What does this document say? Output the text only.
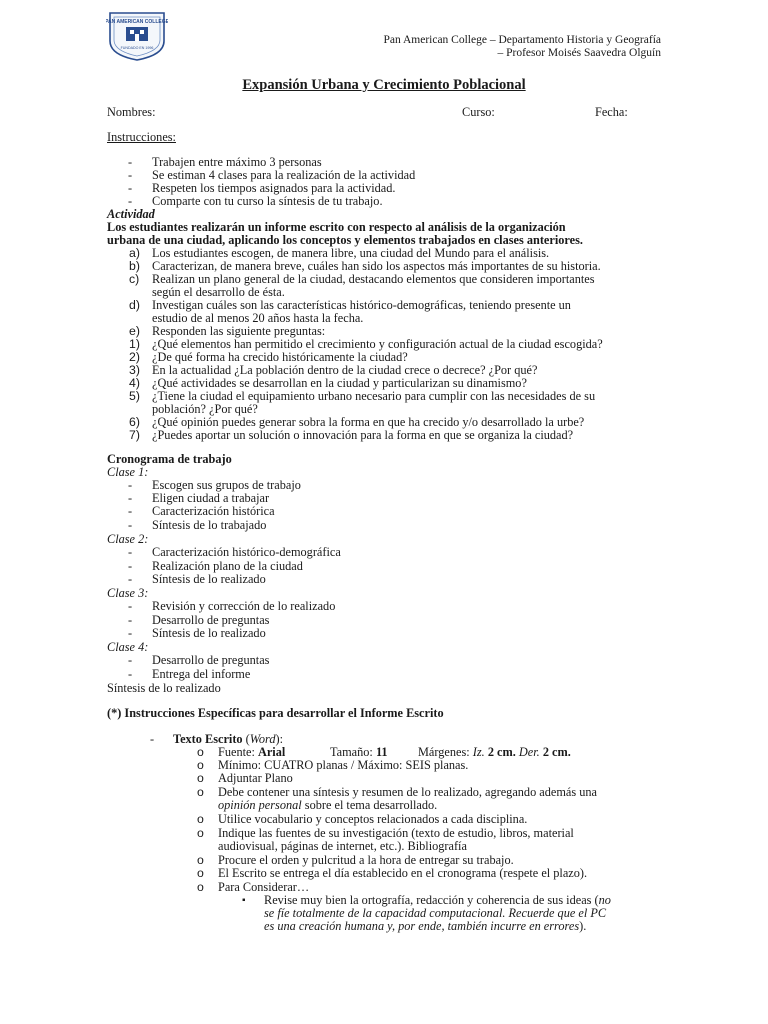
PAN AMERICAN COLLEGE
FUNDADO EN 1996
Pan American College – Departamento Historia y Geografía
– Profesor Moisés Saavedra Olguín
Expansión Urbana y Crecimiento Poblacional
Nombres:	Curso:	Fecha:
Instrucciones:
- Trabajen entre máximo 3 personas
- Se estiman 4 clases para la realización de la actividad
- Respeten los tiempos asignados para la actividad.
- Comparte con tu curso la síntesis de tu trabajo.
Actividad
Los estudiantes realizarán un informe escrito con respecto al análisis de la organización
urbana de una ciudad, aplicando los conceptos y elementos trabajados en clases anteriores.
a) Los estudiantes escogen, de manera libre, una ciudad del Mundo para el análisis.
b) Caracterizan, de manera breve, cuáles han sido los aspectos más importantes de su historia.
c) Realizan un plano general de la ciudad, destacando elementos que consideren importantes
según el desarrollo de ésta.
d) Investigan cuáles son las características histórico-demográficas, teniendo presente un
estudio de al menos 20 años hasta la fecha.
e) Responden las siguiente preguntas:
1) ¿Qué elementos han permitido el crecimiento y configuración actual de la ciudad escogida?
2) ¿De qué forma ha crecido históricamente la ciudad?
3) En la actualidad ¿La población dentro de la ciudad crece o decrece? ¿Por qué?
4) ¿Qué actividades se desarrollan en la ciudad y particularizan su dinamismo?
5) ¿Tiene la ciudad el equipamiento urbano necesario para cumplir con las necesidades de su
población? ¿Por qué?
6) ¿Qué opinión puedes generar sobra la forma en que ha crecido y/o desarrollado la urbe?
7) ¿Puedes aportar un solución o innovación para la forma en que se organiza la ciudad?
Cronograma de trabajo
Clase 1:
- Escogen sus grupos de trabajo
- Eligen ciudad a trabajar
- Caracterización histórica
- Síntesis de lo trabajado
Clase 2:
- Caracterización histórico-demográfica
- Realización plano de la ciudad
- Síntesis de lo realizado
Clase 3:
- Revisión y corrección de lo realizado
- Desarrollo de preguntas
- Síntesis de lo realizado
Clase 4:
- Desarrollo de preguntas
- Entrega del informe
Síntesis de lo realizado
(*) Instrucciones Específicas para desarrollar el Informe Escrito
- Texto Escrito (Word):
o Fuente: Arial	Tamaño: 11 Márgenes: Iz. 2 cm. Der. 2 cm.
o Mínimo: CUATRO planas / Máximo: SEIS planas.
o Adjuntar Plano
o Debe contener una síntesis y resumen de lo realizado, agregando además una
opinión personal sobre el tema desarrollado.
o Utilice vocabulario y conceptos relacionados a cada disciplina.
o Indique las fuentes de su investigación (texto de estudio, libros, material
audiovisual, páginas de internet, etc.). Bibliografía
o Procure el orden y pulcritud a la hora de entregar su trabajo.
o El Escrito se entrega el día establecido en el cronograma (respete el plazo).
o Para Considerar…
▪ Revise muy bien la ortografía, redacción y coherencia de sus ideas (no
se fíe totalmente de la capacidad computacional. Recuerde que el PC
es una creación humana y, por ende, también incurre en errores).
